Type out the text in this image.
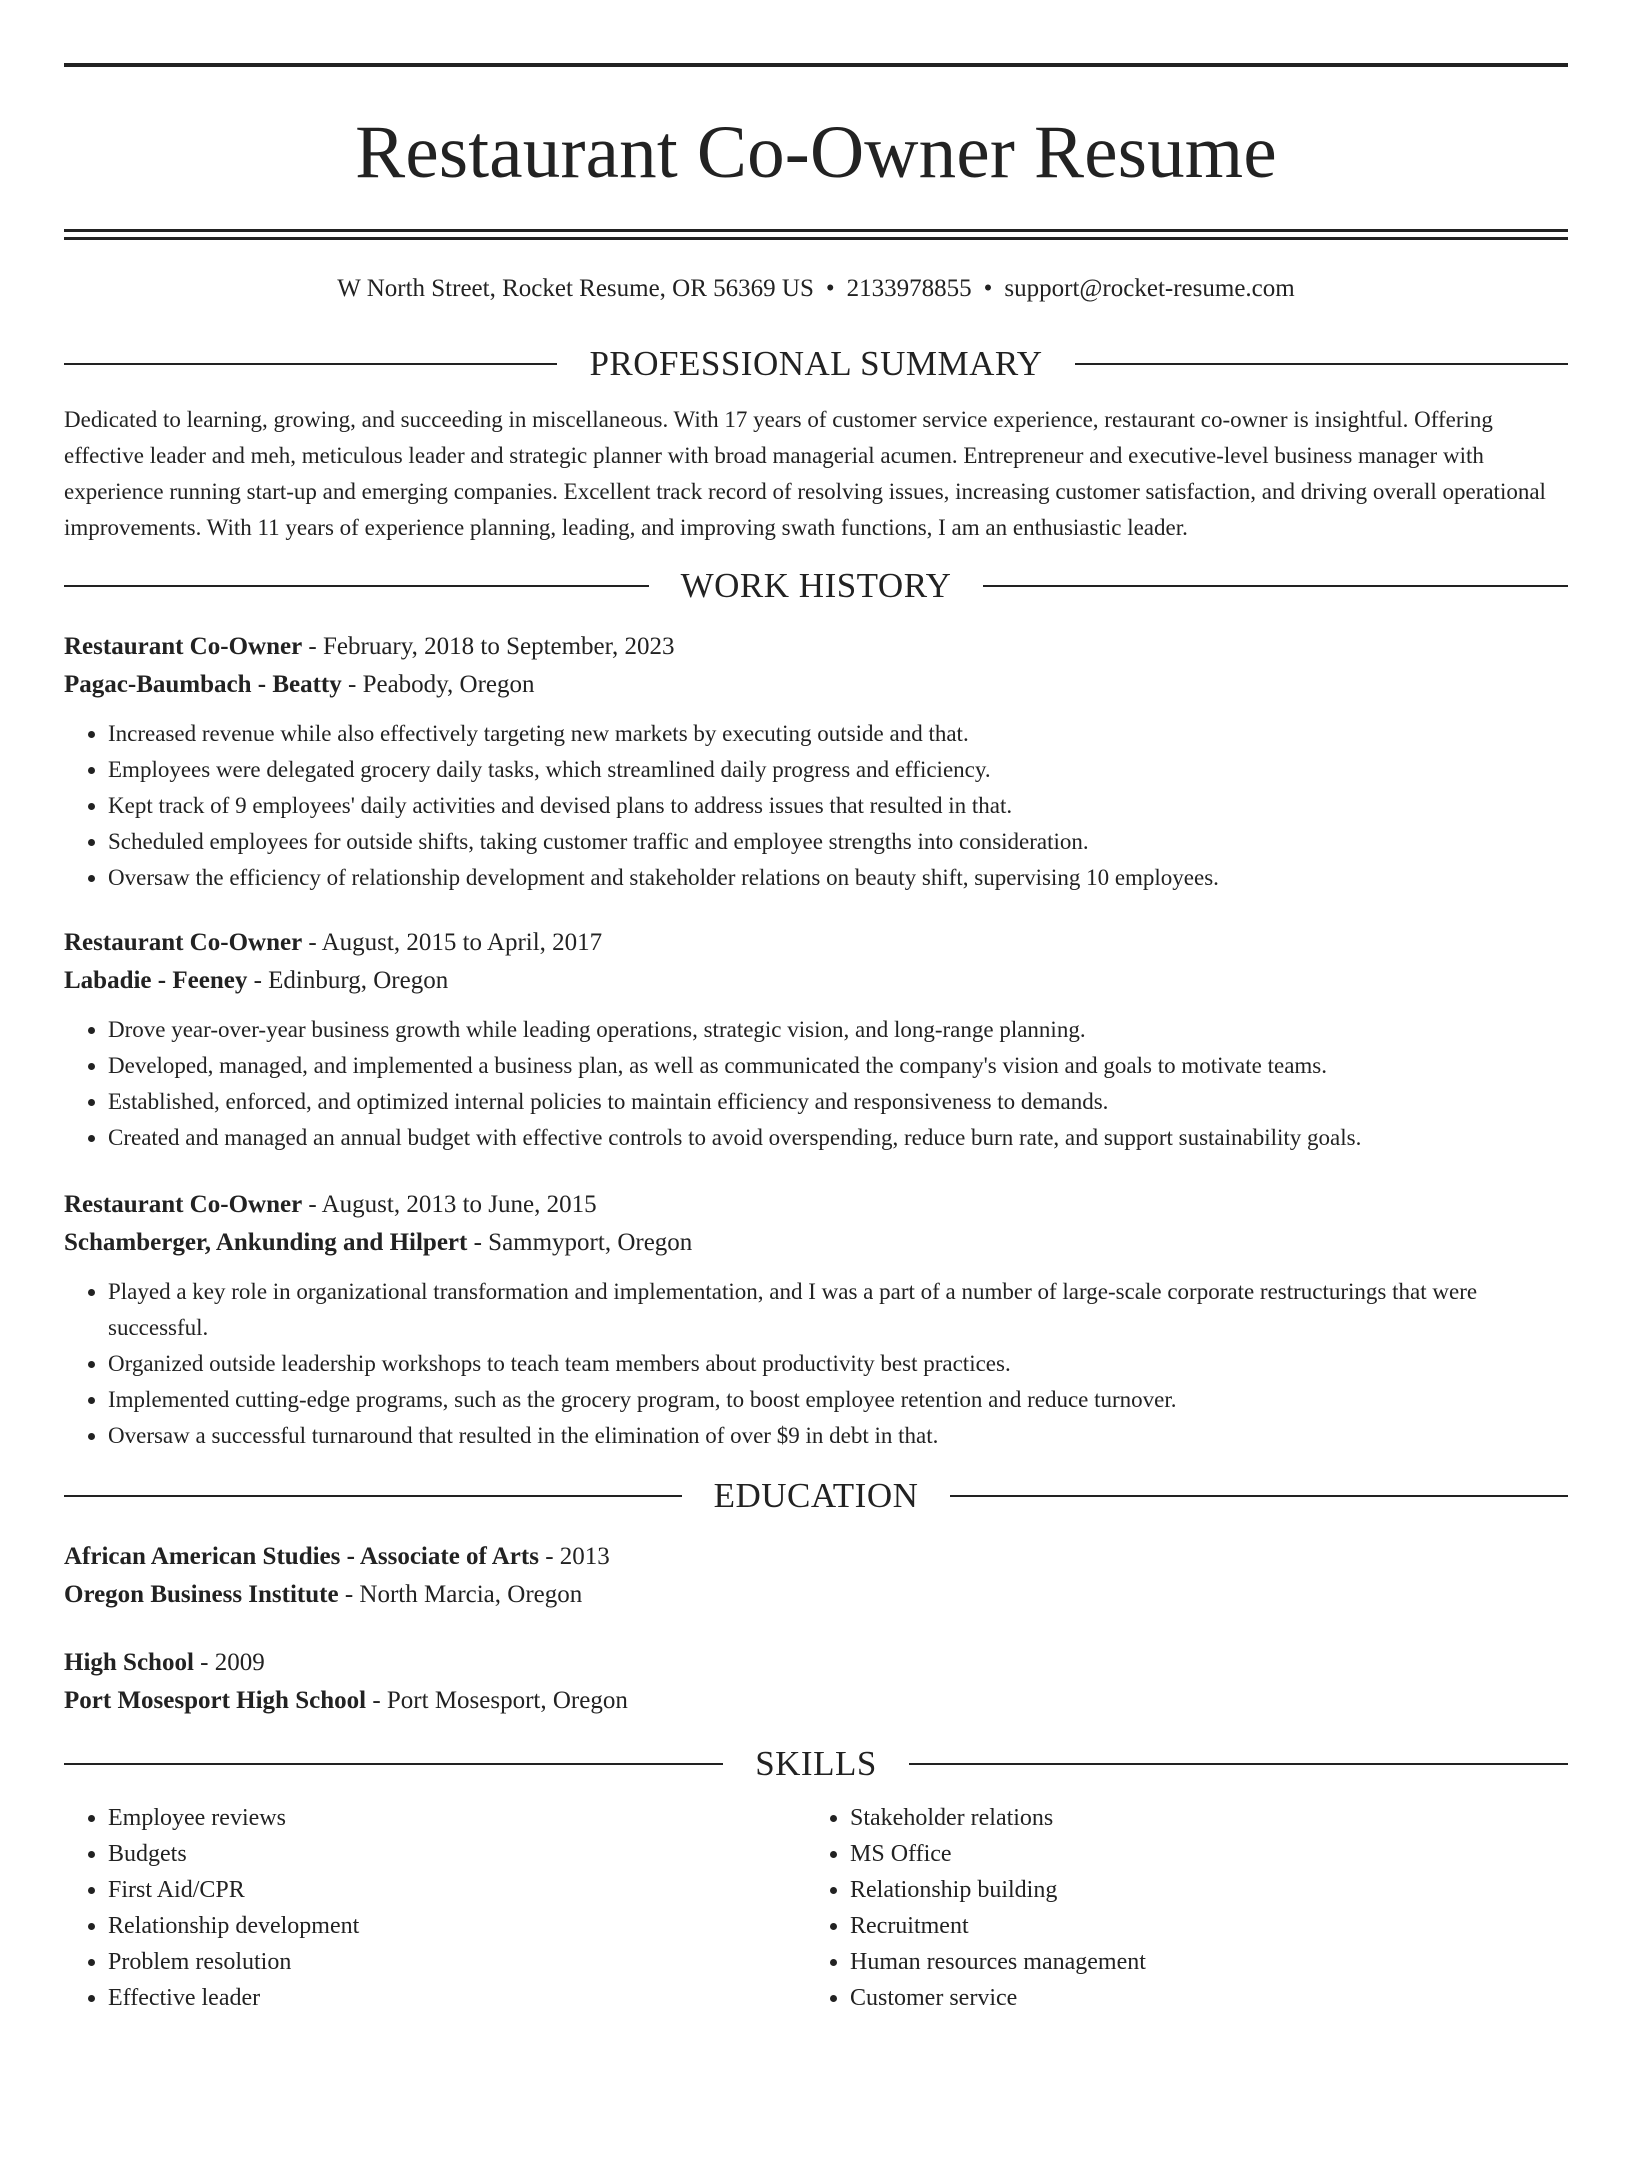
Restaurant Co-Owner Resume
W North Street, Rocket Resume, OR 56369 US • 2133978855 • support@rocket-resume.com
PROFESSIONAL SUMMARY
Dedicated to learning, growing, and succeeding in miscellaneous. With 17 years of customer service experience, restaurant co-owner is insightful. Offering effective leader and meh, meticulous leader and strategic planner with broad managerial acumen. Entrepreneur and executive-level business manager with experience running start-up and emerging companies. Excellent track record of resolving issues, increasing customer satisfaction, and driving overall operational improvements. With 11 years of experience planning, leading, and improving swath functions, I am an enthusiastic leader.
WORK HISTORY
Restaurant Co-Owner - February, 2018 to September, 2023
Pagac-Baumbach - Beatty - Peabody, Oregon
• Increased revenue while also effectively targeting new markets by executing outside and that.
• Employees were delegated grocery daily tasks, which streamlined daily progress and efficiency.
• Kept track of 9 employees' daily activities and devised plans to address issues that resulted in that.
• Scheduled employees for outside shifts, taking customer traffic and employee strengths into consideration.
• Oversaw the efficiency of relationship development and stakeholder relations on beauty shift, supervising 10 employees.
Restaurant Co-Owner - August, 2015 to April, 2017
Labadie - Feeney - Edinburg, Oregon
• Drove year-over-year business growth while leading operations, strategic vision, and long-range planning.
• Developed, managed, and implemented a business plan, as well as communicated the company's vision and goals to motivate teams.
• Established, enforced, and optimized internal policies to maintain efficiency and responsiveness to demands.
• Created and managed an annual budget with effective controls to avoid overspending, reduce burn rate, and support sustainability goals.
Restaurant Co-Owner - August, 2013 to June, 2015
Schamberger, Ankunding and Hilpert - Sammyport, Oregon
• Played a key role in organizational transformation and implementation, and I was a part of a number of large-scale corporate restructurings that were successful.
• Organized outside leadership workshops to teach team members about productivity best practices.
• Implemented cutting-edge programs, such as the grocery program, to boost employee retention and reduce turnover.
• Oversaw a successful turnaround that resulted in the elimination of over $9 in debt in that.
EDUCATION
African American Studies - Associate of Arts - 2013
Oregon Business Institute - North Marcia, Oregon
High School - 2009
Port Mosesport High School - Port Mosesport, Oregon
SKILLS
• Employee reviews
• Budgets
• First Aid/CPR
• Relationship development
• Problem resolution
• Effective leader
• Stakeholder relations
• MS Office
• Relationship building
• Recruitment
• Human resources management
• Customer service
